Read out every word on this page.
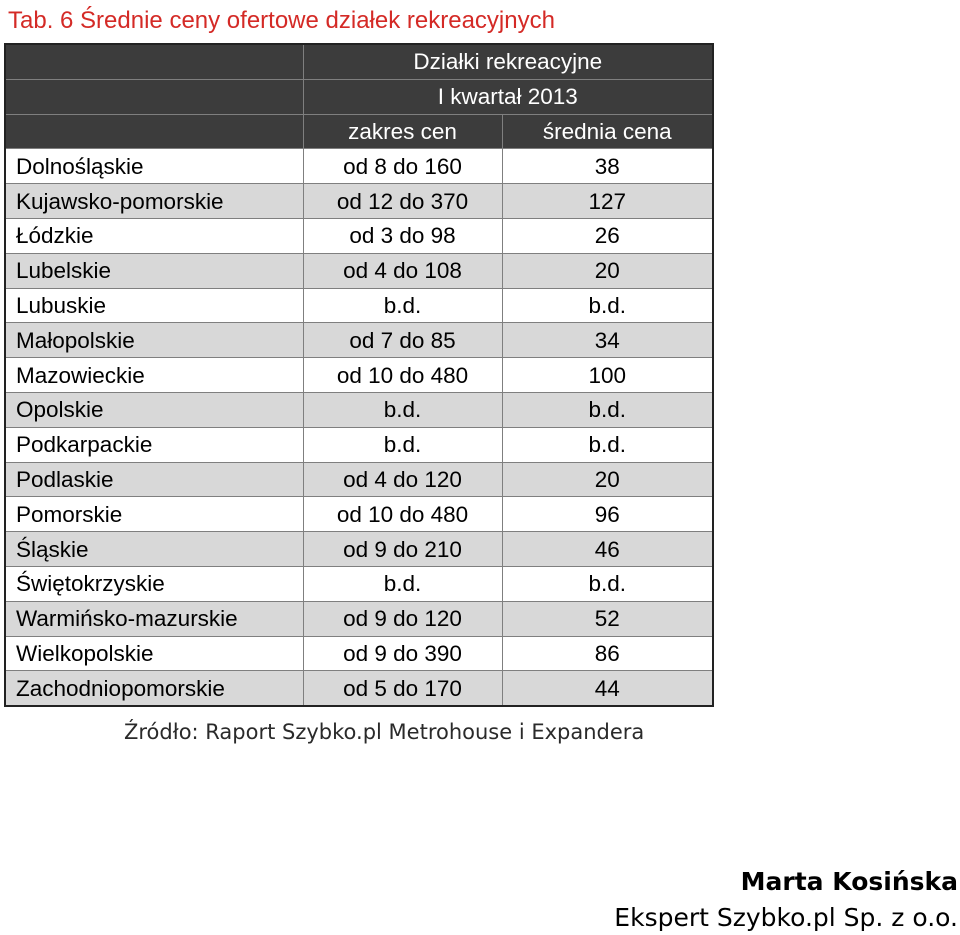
Tab. 6 Średnie ceny ofertowe działek rekreacyjnych
	Działki rekreacyjne	
	I kwartał 2013	
	zakres cen	średnia cena
Dolnośląskie	od 8 do 160	38
Kujawsko-pomorskie	od 12 do 370	127
Łódzkie	od 3 do 98	26
Lubelskie	od 4 do 108	20
Lubuskie	b.d.	b.d.
Małopolskie	od 7 do 85	34
Mazowieckie	od 10 do 480	100
Opolskie	b.d.	b.d.
Podkarpackie	b.d.	b.d.
Podlaskie	od 4 do 120	20
Pomorskie	od 10 do 480	96
Śląskie	od 9 do 210	46
Świętokrzyskie	b.d.	b.d.
Warmińsko-mazurskie	od 9 do 120	52
Wielkopolskie	od 9 do 390	86
Zachodniopomorskie	od 5 do 170	44
Źródło: Raport Szybko.pl Metrohouse i Expandera
Marta Kosińska
Ekspert Szybko.pl Sp. z o.o.
